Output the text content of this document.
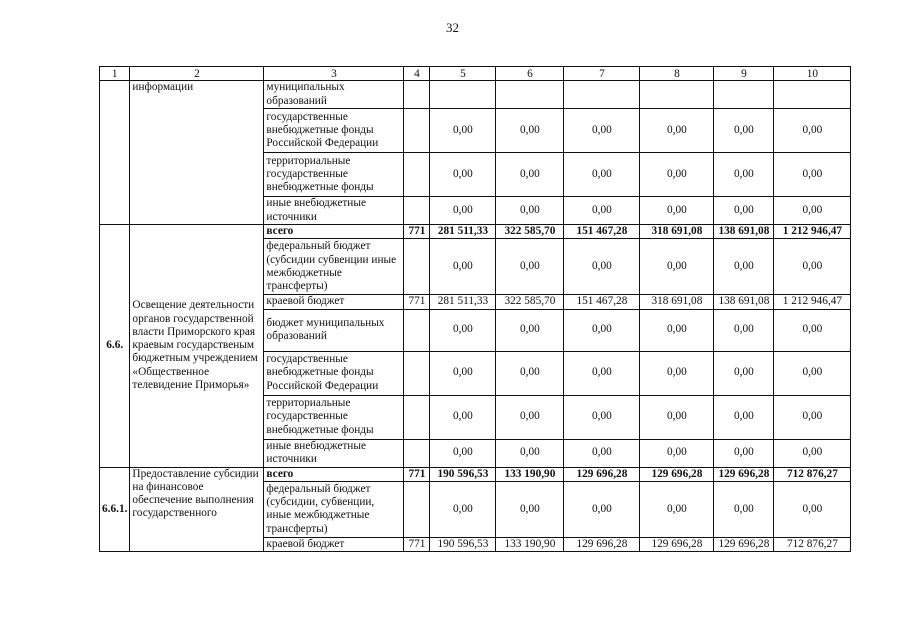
32
1	2	3	4	5	6	7	8	9	10
	информации	муниципальных образований							
		государственные внебюджетные фонды Российской Федерации		0,00	0,00	0,00	0,00	0,00	0,00
		территориальные государственные внебюджетные фонды		0,00	0,00	0,00	0,00	0,00	0,00
		иные внебюджетные источники		0,00	0,00	0,00	0,00	0,00	0,00
6.6.	Освещение деятельности органов государственной власти Приморского края краевым государственым бюджетным учреждением «Общественное телевидение Приморья»	всего	771	281 511,33	322 585,70	151 467,28	318 691,08	138 691,08	1 212 946,47
		федеральный бюджет (субсидии субвенции иные межбюджетные трансферты)		0,00	0,00	0,00	0,00	0,00	0,00
		краевой бюджет	771	281 511,33	322 585,70	151 467,28	318 691,08	138 691,08	1 212 946,47
		бюджет муниципальных образований		0,00	0,00	0,00	0,00	0,00	0,00
		государственные внебюджетные фонды Российской Федерации		0,00	0,00	0,00	0,00	0,00	0,00
		территориальные государственные внебюджетные фонды		0,00	0,00	0,00	0,00	0,00	0,00
		иные внебюджетные источники		0,00	0,00	0,00	0,00	0,00	0,00
6.6.1.	Предоставление субсидии на финансовое обеспечение выполнения государственного	всего	771	190 596,53	133 190,90	129 696,28	129 696,28	129 696,28	712 876,27
		федеральный бюджет (субсидии, субвенции, иные межбюджетные трансферты)		0,00	0,00	0,00	0,00	0,00	0,00
		краевой бюджет	771	190 596,53	133 190,90	129 696,28	129 696,28	129 696,28	712 876,27
